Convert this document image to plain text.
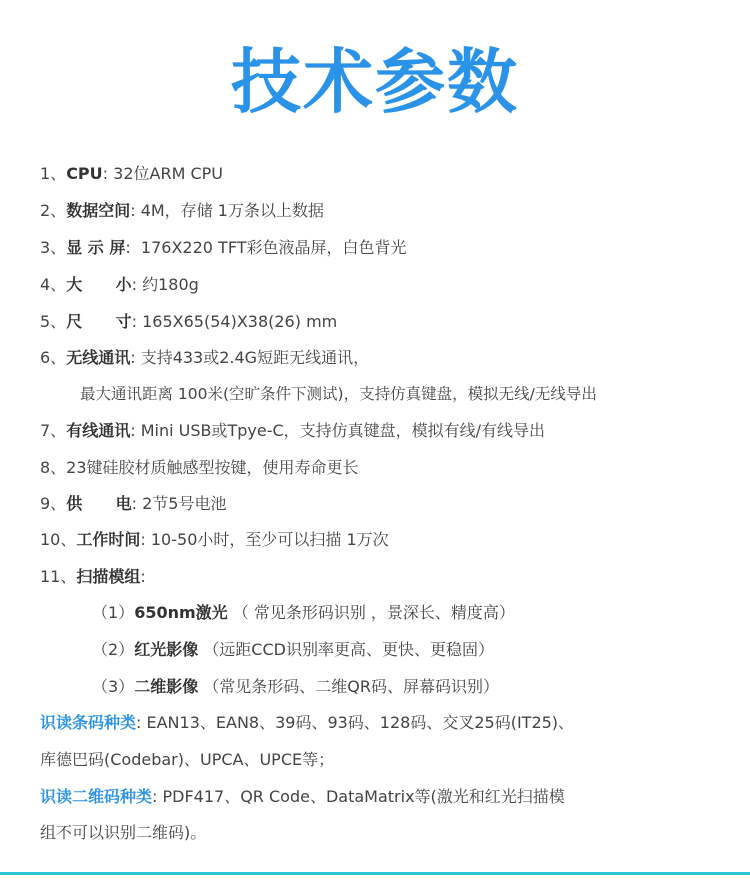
技术参数
1、CPU: 32位ARM CPU
2、数据空间: 4M，存储 1万条以上数据
3、显 示 屏:  176X220 TFT彩色液晶屏，白色背光
4、大      小: 约180g
5、尺      寸: 165X65(54)X38(26) mm
6、无线通讯: 支持433或2.4G短距无线通讯，
最大通讯距离 100米(空旷条件下测试)，支持仿真键盘，模拟无线/无线导出
7、有线通讯: Mini USB或Tpye-C，支持仿真键盘，模拟有线/有线导出
8、23键硅胶材质触感型按键，使用寿命更长
9、供      电: 2节5号电池
10、工作时间: 10-50小时，至少可以扫描 1万次
11、扫描模组:
（1）650nm激光 （ 常见条形码识别 ，景深长、精度高）
（2）红光影像 （远距CCD识别率更高、更快、更稳固）
（3）二维影像 （常见条形码、二维QR码、屏幕码识别）
识读条码种类: EAN13、EAN8、39码、93码、128码、交叉25码(IT25)、
库德巴码(Codebar)、UPCA、UPCE等；
识读二维码种类: PDF417、QR Code、DataMatrix等(激光和红光扫描模
组不可以识别二维码)。
